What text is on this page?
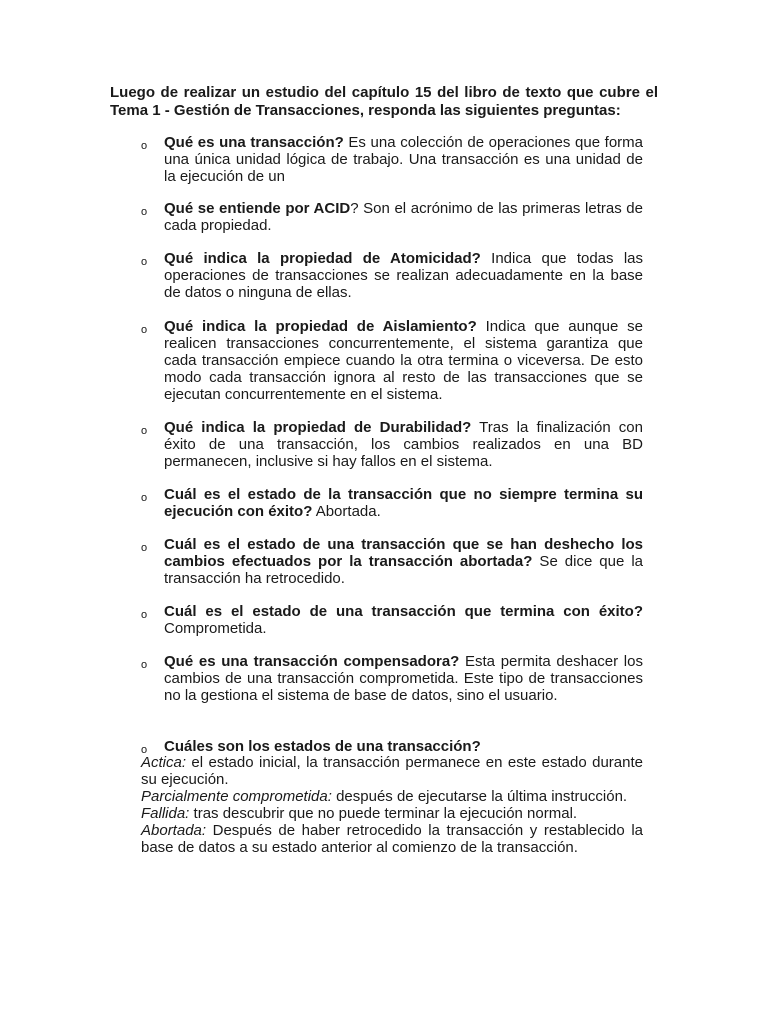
Luego de realizar un estudio del capítulo 15 del libro de texto que cubre el Tema 1 - Gestión de Transacciones, responda las siguientes preguntas:

o	Qué es una transacción? Es una colección de operaciones que forma una única unidad lógica de trabajo. Una transacción es una unidad de la ejecución de un

o	Qué se entiende por ACID? Son el acrónimo de las primeras letras de cada propiedad.

o	Qué indica la propiedad de Atomicidad? Indica que todas las operaciones de transacciones se realizan adecuadamente en la base de datos o ninguna de ellas.

o	Qué indica la propiedad de Aislamiento? Indica que aunque se realicen transacciones concurrentemente, el sistema garantiza que cada transacción empiece cuando la otra termina o viceversa. De esto modo cada transacción ignora al resto de las transacciones que se ejecutan concurrentemente en el sistema.

o	Qué indica la propiedad de Durabilidad? Tras la finalización con éxito de una transacción, los cambios realizados en una BD permanecen, inclusive si hay fallos en el sistema.

o	Cuál es el estado de la transacción que no siempre termina su ejecución con éxito? Abortada.

o	Cuál es el estado de una transacción que se han deshecho los cambios efectuados por la transacción abortada? Se dice que la transacción ha retrocedido.

o	Cuál es el estado de una transacción que termina con éxito? Comprometida.

o	Qué es una transacción compensadora? Esta permita deshacer los cambios de una transacción comprometida. Este tipo de transacciones no la gestiona el sistema de base de datos, sino el usuario.

o	Cuáles son los estados de una transacción?

Actica: el estado inicial, la transacción permanece en este estado durante su ejecución.

Parcialmente comprometida: después de ejecutarse la última instrucción.

Fallida: tras descubrir que no puede terminar la ejecución normal.

Abortada: Después de haber retrocedido la transacción y restablecido la base de datos a su estado anterior al comienzo de la transacción.
